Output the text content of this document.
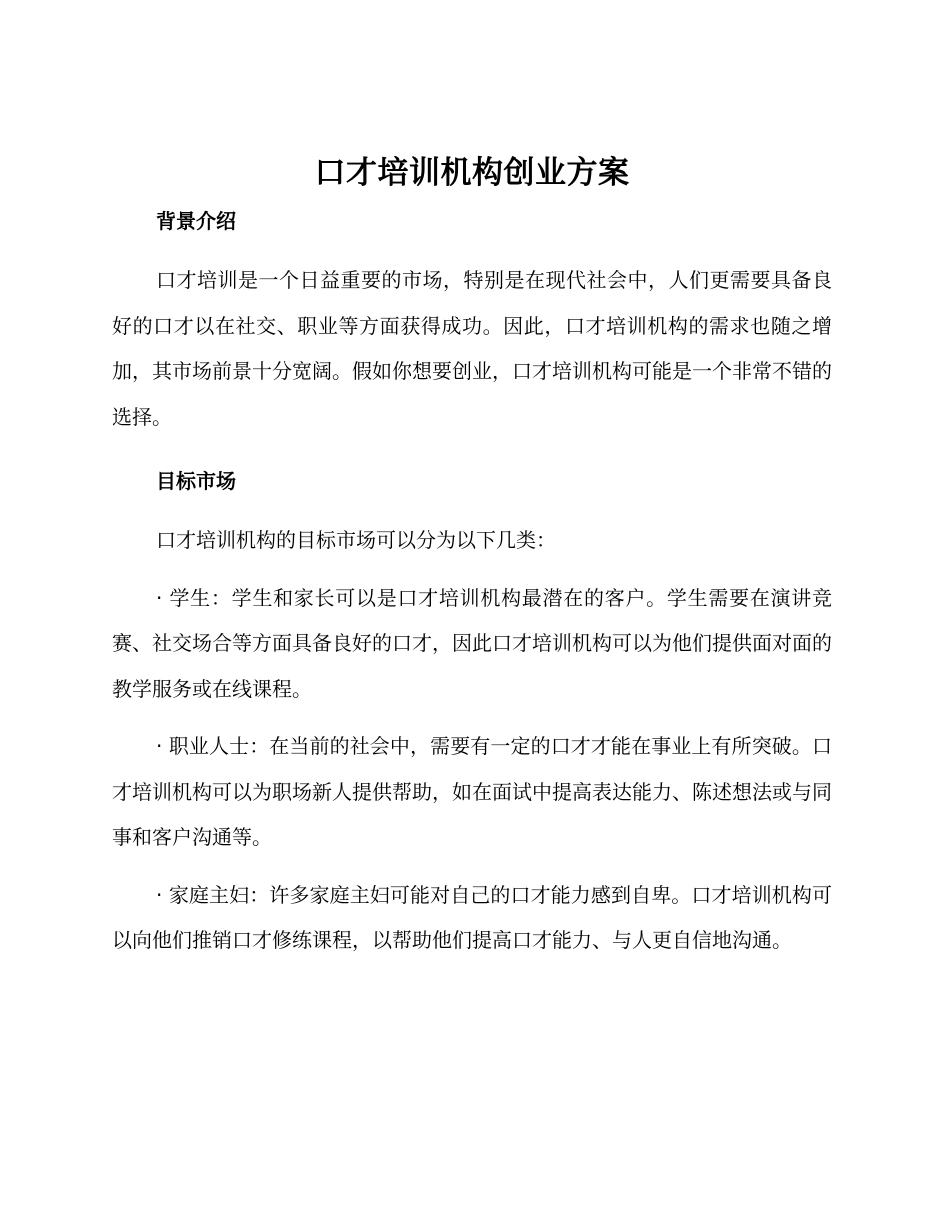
口才培训机构创业方案
背景介绍

口才培训是一个日益重要的市场，特别是在现代社会中，人们更需要具备良好的口才以在社交、职业等方面获得成功。因此，口才培训机构的需求也随之增加，其市场前景十分宽阔。假如你想要创业，口才培训机构可能是一个非常不错的选择。

目标市场

口才培训机构的目标市场可以分为以下几类：

· 学生：学生和家长可以是口才培训机构最潜在的客户。学生需要在演讲竞赛、社交场合等方面具备良好的口才，因此口才培训机构可以为他们提供面对面的教学服务或在线课程。

· 职业人士：在当前的社会中，需要有一定的口才才能在事业上有所突破。口才培训机构可以为职场新人提供帮助，如在面试中提高表达能力、陈述想法或与同事和客户沟通等。

· 家庭主妇：许多家庭主妇可能对自己的口才能力感到自卑。口才培训机构可以向他们推销口才修练课程，以帮助他们提高口才能力、与人更自信地沟通。
